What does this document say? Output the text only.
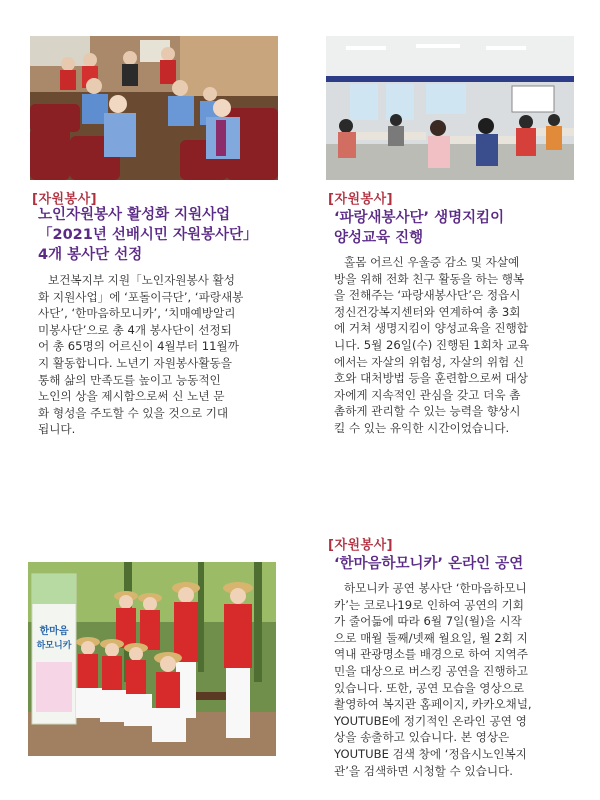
한마음
하모니카
[자원봉사]
노인자원봉사 활성화 지원사업
「2021년 선배시민 자원봉사단」
4개 봉사단 선정
보건복지부 지원「노인자원봉사 활성
화 지원사업」에 ‘포돌이극단’, ‘파랑새봉
사단’, ‘한마음하모니카’, ‘치매예방알리
미봉사단’으로 총 4개 봉사단이 선정되
어 총 65명의 어르신이 4월부터 11월까
지 활동합니다. 노년기 자원봉사활동을
통해 삶의 만족도를 높이고 능동적인
노인의 상을 제시함으로써 신 노년 문
화 형성을 주도할 수 있을 것으로 기대
됩니다.
[자원봉사]
‘파랑새봉사단’ 생명지킴이
양성교육 진행
홀몸 어르신 우울증 감소 및 자살예
방을 위해 전화 친구 활동을 하는 행복
을 전해주는 ‘파랑새봉사단’은 정읍시
정신건강복지센터와 연계하여 총 3회
에 거쳐 생명지킴이 양성교육을 진행합
니다. 5월 26일(수) 진행된 1회차 교육
에서는 자살의 위험성, 자살의 위험 신
호와 대처방법 등을 훈련함으로써 대상
자에게 지속적인 관심을 갖고 더욱 촘
촘하게 관리할 수 있는 능력을 향상시
킬 수 있는 유익한 시간이었습니다.
[자원봉사]
‘한마음하모니카’ 온라인 공연
하모니카 공연 봉사단 ‘한마음하모니
카’는 코로나19로 인하여 공연의 기회
가 줄어듦에 따라 6월 7일(월)을 시작
으로 매월 둘째/넷째 월요일, 월 2회 지
역내 관광명소를 배경으로 하여 지역주
민을 대상으로 버스킹 공연을 진행하고
있습니다. 또한, 공연 모습을 영상으로
촬영하여 복지관 홈페이지, 카카오채널,
YOUTUBE에 정기적인 온라인 공연 영
상을 송출하고 있습니다. 본 영상은
YOUTUBE 검색 창에 ‘정읍시노인복지
관’을 검색하면 시청할 수 있습니다.
